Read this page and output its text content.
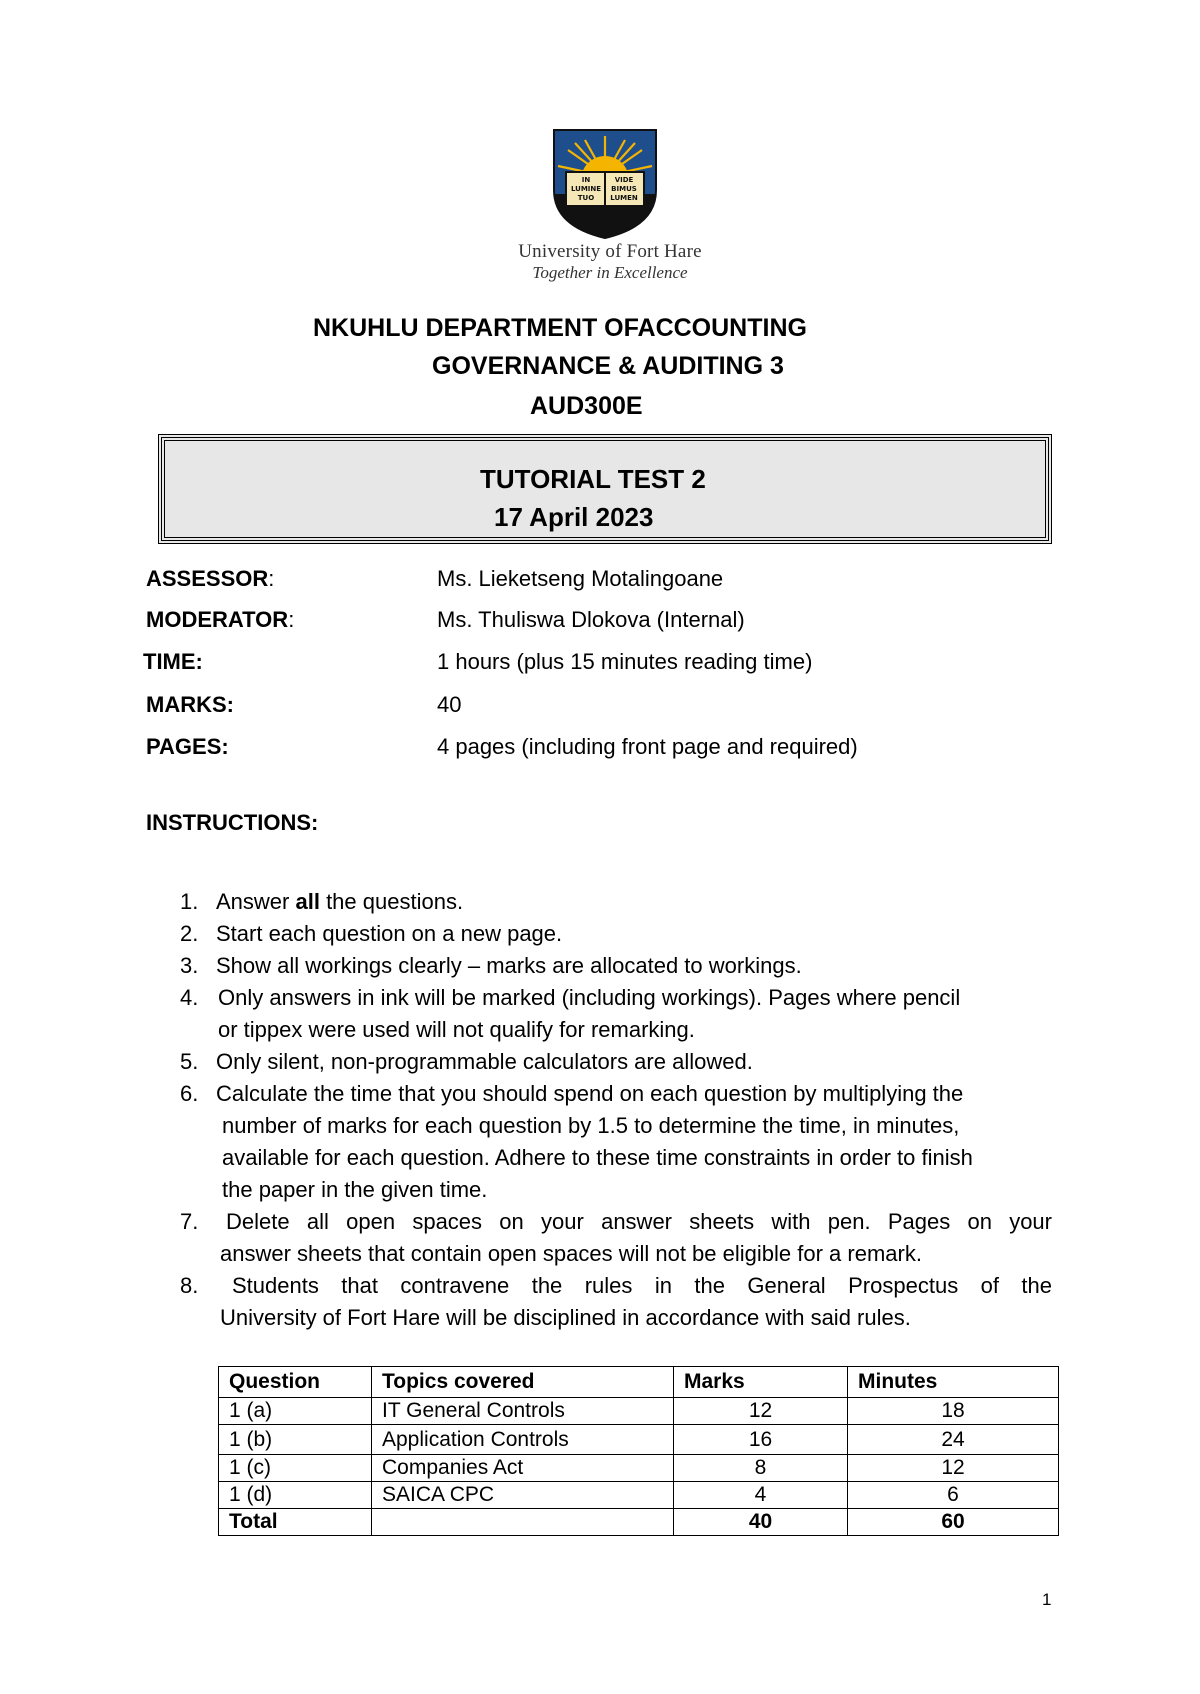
IN
LUMINE
TUO
VIDE
BIMUS
LUMEN
University of Fort Hare
Together in Excellence
NKUHLU DEPARTMENT OFACCOUNTING
GOVERNANCE & AUDITING 3
AUD300E
TUTORIAL TEST 2
17 April 2023
ASSESSOR:	Ms. Lieketseng Motalingoane
MODERATOR:	Ms. Thuliswa Dlokova (Internal)
TIME:	1 hours (plus 15 minutes reading time)
MARKS:	40
PAGES:	4 pages (including front page and required)
INSTRUCTIONS:
1. Answer all the questions.
2. Start each question on a new page.
3. Show all workings clearly – marks are allocated to workings.
4. Only answers in ink will be marked (including workings). Pages where pencil
or tippex were used will not qualify for remarking.
5. Only silent, non-programmable calculators are allowed.
6. Calculate the time that you should spend on each question by multiplying the
number of marks for each question by 1.5 to determine the time, in minutes,
available for each question. Adhere to these time constraints in order to finish
the paper in the given time.
7. Delete all open spaces on your answer sheets with pen. Pages on your
answer sheets that contain open spaces will not be eligible for a remark.
8.	Students that contravene the rules in the General Prospectus of the
University of Fort Hare will be disciplined in accordance with said rules.
Question	Topics covered	Marks	Minutes
1 (a)	IT General Controls	12	18
1 (b)	Application Controls	16	24
1 (c)	Companies Act	8	12
1 (d)	SAICA CPC	4	6
Total		40	60
1
